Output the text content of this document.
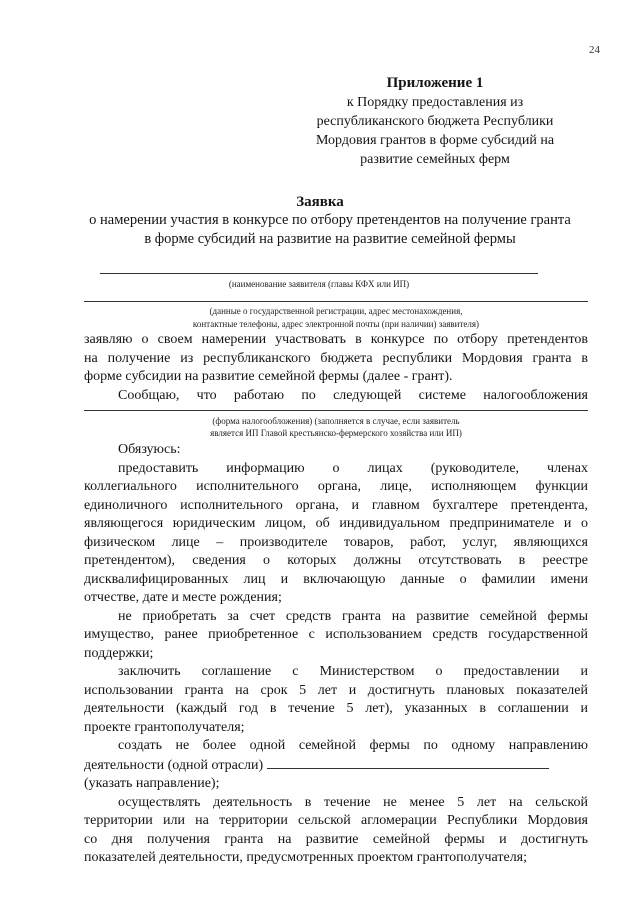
24
Приложение 1
к Порядку предоставления из
республиканского бюджета Республики
Мордовия грантов в форме субсидий на
развитие семейных ферм
Заявка
о намерении участия в конкурсе по отбору претендентов на получение гранта
в форме субсидий на развитие на развитие семейной фермы
(наименование заявителя (главы КФХ или ИП)
(данные о государственной регистрации, адрес местонахождения,
контактные телефоны, адрес электронной почты (при наличии) заявителя)
заявляю о своем намерении участвовать в конкурсе по отбору претендентов
на получение из республиканского бюджета республики Мордовия гранта в
форме субсидии на развитие семейной фермы (далее - грант).
Сообщаю, что работаю по следующей системе налогообложения
(форма налогообложения) (заполняется в случае, если заявитель
является ИП Главой крестьянско-фермерского хозяйства или ИП)
Обязуюсь:
предоставить информацию о лицах (руководителе, членах
коллегиального исполнительного органа, лице, исполняющем функции
единоличного исполнительного органа, и главном бухгалтере претендента,
являющегося юридическим лицом, об индивидуальном предпринимателе и о
физическом лице – производителе товаров, работ, услуг, являющихся
претендентом), сведения о которых должны отсутствовать в реестре
дисквалифицированных лиц и включающую данные о фамилии имени
отчестве, дате и месте рождения;
не приобретать за счет средств гранта на развитие семейной фермы
имущество, ранее приобретенное с использованием средств государственной
поддержки;
заключить соглашение с Министерством о предоставлении и
использовании гранта на срок 5 лет и достигнуть плановых показателей
деятельности (каждый год в течение 5 лет), указанных в соглашении и
проекте грантополучателя;
создать не более одной семейной фермы по одному направлению
деятельности (одной отрасли)
(указать направление);
осуществлять деятельность в течение не менее 5 лет на сельской
территории или на территории сельской агломерации Республики Мордовия
со дня получения гранта на развитие семейной фермы и достигнуть
показателей деятельности, предусмотренных проектом грантополучателя;
